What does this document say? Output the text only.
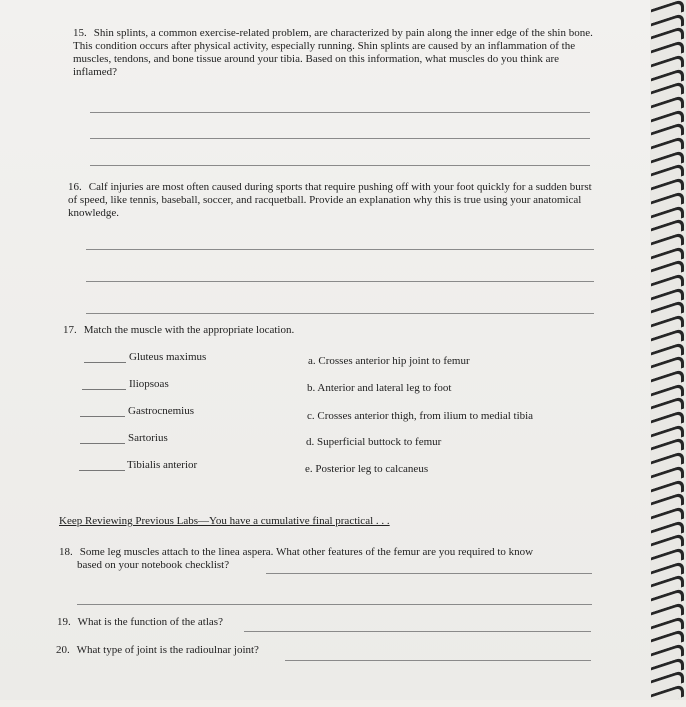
15. Shin splints, a common exercise-related problem, are characterized by pain along the inner edge of the shin bone. This condition occurs after physical activity, especially running. Shin splints are caused by an inflammation of the muscles, tendons, and bone tissue around your tibia. Based on this information, what muscles do you think are inflamed?
16. Calf injuries are most often caused during sports that require pushing off with your foot quickly for a sudden burst of speed, like tennis, baseball, soccer, and racquetball. Provide an explanation why this is true using your anatomical knowledge.
17. Match the muscle with the appropriate location.
Gluteus maximus
Iliopsoas
Gastrocnemius
Sartorius
Tibialis anterior
a. Crosses anterior hip joint to femur
b. Anterior and lateral leg to foot
c. Crosses anterior thigh, from ilium to medial tibia
d. Superficial buttock to femur
e. Posterior leg to calcaneus
Keep Reviewing Previous Labs—You have a cumulative final practical . . .
18. Some leg muscles attach to the linea aspera. What other features of the femur are you required to know
based on your notebook checklist?
19. What is the function of the atlas?
20. What type of joint is the radioulnar joint?
